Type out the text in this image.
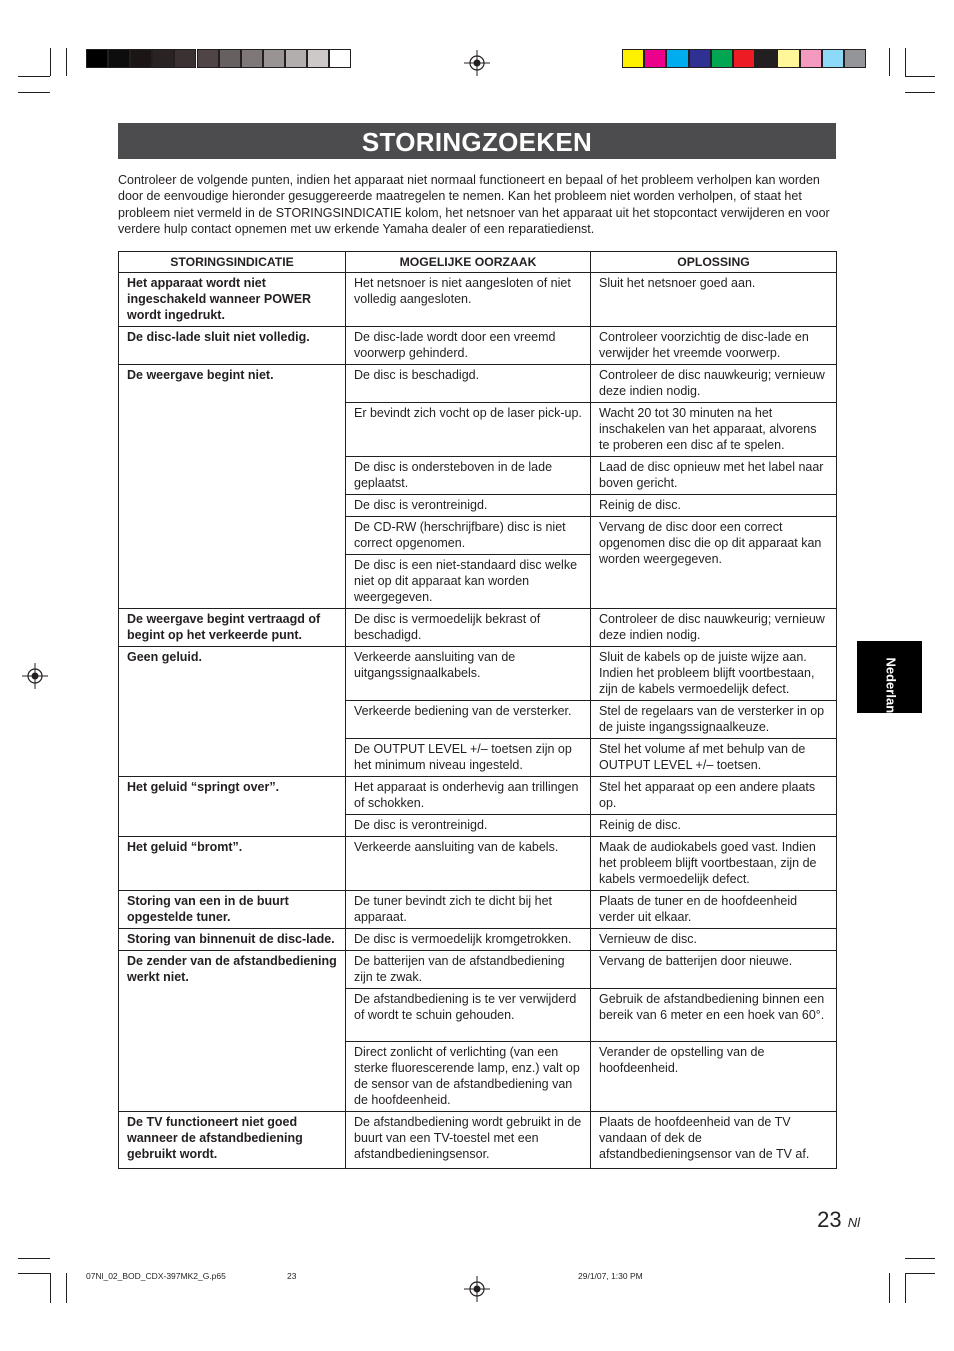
STORINGZOEKEN
Controleer de volgende punten, indien het apparaat niet normaal functioneert en bepaal of het probleem verholpen kan worden door de eenvoudige hieronder gesuggereerde maatregelen te nemen. Kan het probleem niet worden verholpen, of staat het probleem niet vermeld in de STORINGSINDICATIE kolom, het netsnoer van het apparaat uit het stopcontact verwijderen en voor verdere hulp contact opnemen met uw erkende Yamaha dealer of een reparatiedienst.
STORINGSINDICATIE	MOGELIJKE OORZAAK	OPLOSSING
Het apparaat wordt niet ingeschakeld wanneer POWER wordt ingedrukt.	Het netsnoer is niet aangesloten of niet volledig aangesloten.	Sluit het netsnoer goed aan.
De disc-lade sluit niet volledig.	De disc-lade wordt door een vreemd voorwerp gehinderd.	Controleer voorzichtig de disc-lade en verwijder het vreemde voorwerp.
De weergave begint niet.	De disc is beschadigd.	Controleer de disc nauwkeurig; vernieuw deze indien nodig.
	Er bevindt zich vocht op de laser pick-up.	Wacht 20 tot 30 minuten na het inschakelen van het apparaat, alvorens te proberen een disc af te spelen.
	De disc is ondersteboven in de lade geplaatst.	Laad de disc opnieuw met het label naar boven gericht.
	De disc is verontreinigd.	Reinig de disc.
	De CD-RW (herschrijfbare) disc is niet correct opgenomen.	Vervang de disc door een correct opgenomen disc die op dit apparaat kan worden weergegeven.
	De disc is een niet-standaard disc welke niet op dit apparaat kan worden weergegeven.	
De weergave begint vertraagd of begint op het verkeerde punt.	De disc is vermoedelijk bekrast of beschadigd.	Controleer de disc nauwkeurig; vernieuw deze indien nodig.
Geen geluid.	Verkeerde aansluiting van de uitgangssignaalkabels.	Sluit de kabels op de juiste wijze aan. Indien het probleem blijft voortbestaan, zijn de kabels vermoedelijk defect.
	Verkeerde bediening van de versterker.	Stel de regelaars van de versterker in op de juiste ingangssignaalkeuze.
	De OUTPUT LEVEL +/– toetsen zijn op het minimum niveau ingesteld.	Stel het volume af met behulp van de OUTPUT LEVEL +/– toetsen.
Het geluid “springt over”.	Het apparaat is onderhevig aan trillingen of schokken.	Stel het apparaat op een andere plaats op.
	De disc is verontreinigd.	Reinig de disc.
Het geluid “bromt”.	Verkeerde aansluiting van de kabels.	Maak de audiokabels goed vast. Indien het probleem blijft voortbestaan, zijn de kabels vermoedelijk defect.
Storing van een in de buurt opgestelde tuner.	De tuner bevindt zich te dicht bij het apparaat.	Plaats de tuner en de hoofdeenheid verder uit elkaar.
Storing van binnenuit de disc-lade.	De disc is vermoedelijk kromgetrokken.	Vernieuw de disc.
De zender van de afstandbediening werkt niet.	De batterijen van de afstandbediening zijn te zwak.	Vervang de batterijen door nieuwe.
	De afstandbediening is te ver verwijderd of wordt te schuin gehouden.	Gebruik de afstandbediening binnen een bereik van 6 meter en een hoek van 60°.
	Direct zonlicht of verlichting (van een sterke fluorescerende lamp, enz.) valt op de sensor van de afstandbediening van de hoofdeenheid.	Verander de opstelling van de hoofdeenheid.
De TV functioneert niet goed wanneer de afstandbediening gebruikt wordt.	De afstandbediening wordt gebruikt in de buurt van een TV-toestel met een afstandbedieningsensor.	Plaats de hoofdeenheid van de TV vandaan of dek de afstandbedieningsensor van de TV af.
Nederlands
23 Nl
07Nl_02_BOD_CDX-397MK2_G.p65	23	29/1/07, 1:30 PM
